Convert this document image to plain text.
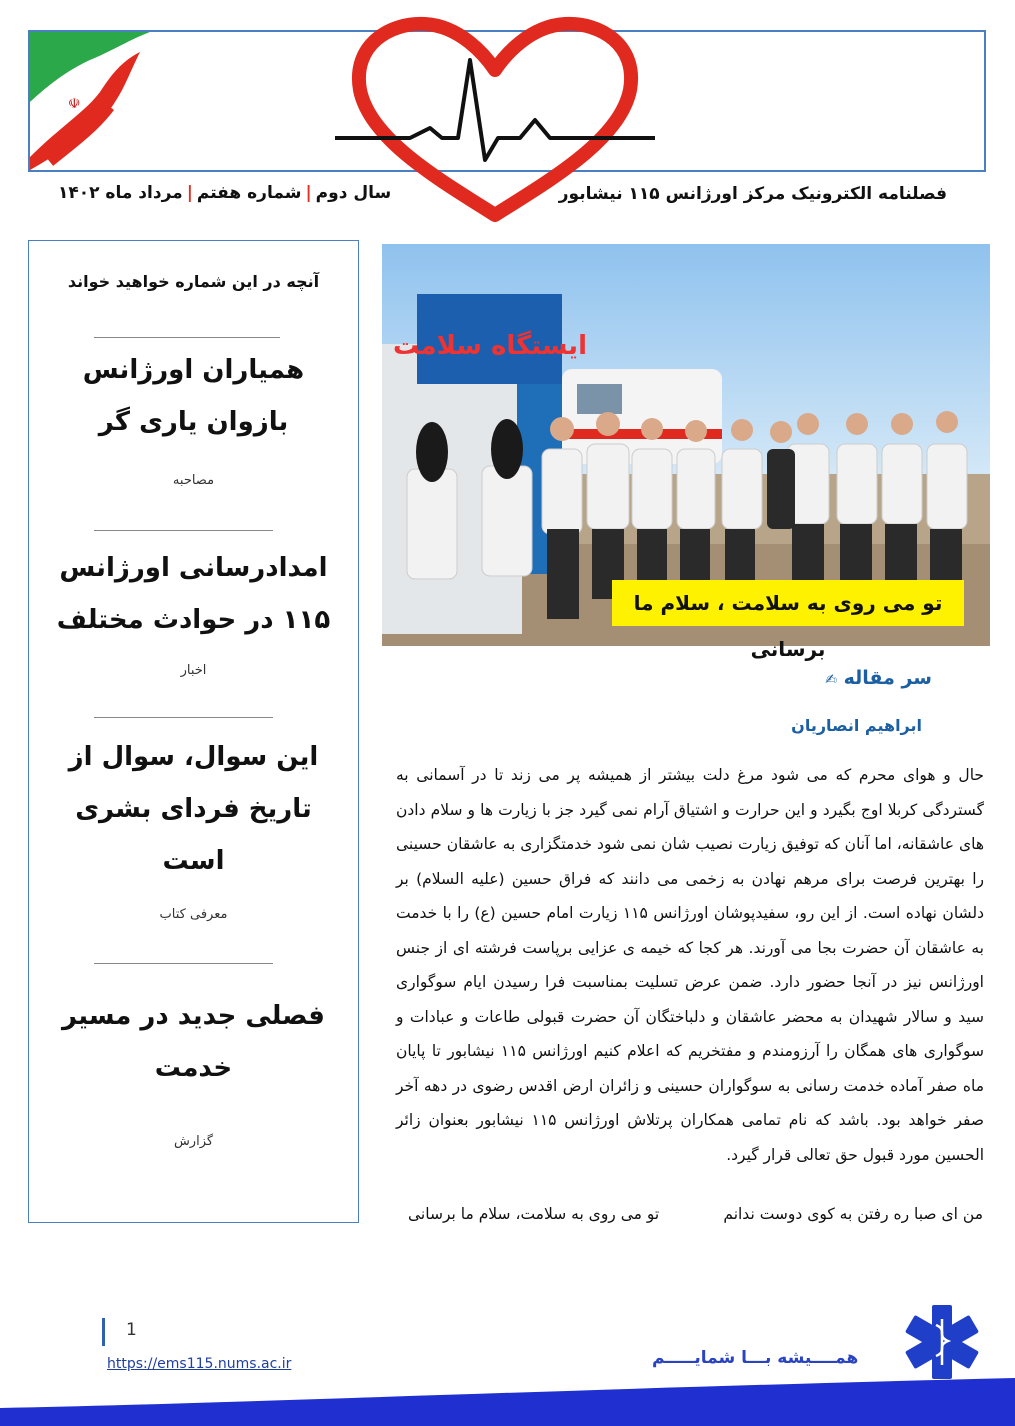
☫
سال دوم|شماره هفتم|مرداد ماه ۱۴۰۲	فصلنامه الکترونیک مرکز اورژانس ۱۱۵ نیشابور
آنچه در این شماره خواهید خواند
همیاران اورژانس
بازوان یاری گر
مصاحبه
امدادرسانی اورژانس
۱۱۵ در حوادث مختلف
اخبار
این سوال، سوال از
تاریخ فردای بشری
است
معرفی کتاب
فصلی جدید در مسیر
خدمت
گزارش
ایستگاه سلامت
تو می روی به سلامت ، سلام ما برسانی
سر مقاله ✍
ابراهیم انصاریان
حال و هوای محرم که می شود مرغ دلت بیشتر از همیشه پر می زند تا در آسمانی به گستردگی کربلا اوج بگیرد و این حرارت و اشتیاق آرام نمی گیرد جز با زیارت ها و سلام دادن های عاشقانه، اما آنان که توفیق زیارت نصیب شان نمی شود خدمتگزاری به عاشقان حسینی را بهترین فرصت برای مرهم نهادن به زخمی می دانند که فراق حسین (علیه السلام) بر دلشان نهاده است. از این رو، سفیدپوشان اورژانس ۱۱۵ زیارت امام حسین (ع) را با خدمت به عاشقان آن حضرت بجا می آورند. هر کجا که خیمه ی عزایی برپاست فرشته ای از جنس اورژانس نیز در آنجا حضور دارد. ضمن عرض تسلیت بمناسبت فرا رسیدن ایام سوگواری سید و سالار شهیدان به محضر عاشقان و دلباختگان آن حضرت قبولی طاعات و عبادات و سوگواری های همگان را آرزومندم و مفتخریم که اعلام کنیم اورژانس ۱۱۵ نیشابور تا پایان ماه صفر آماده خدمت رسانی به سوگواران حسینی و زائران ارض اقدس رضوی در دهه آخر صفر خواهد بود. باشد که نام تمامی همکاران پرتلاش اورژانس ۱۱۵ نیشابور بعنوان زائر الحسین مورد قبول حق تعالی قرار گیرد.
من ای صبا ره رفتن به کوی دوست ندانم
تو می روی به سلامت، سلام ما برسانی
1
https://ems115.nums.ac.ir	همــــیشه بـــا شمایـــــم
